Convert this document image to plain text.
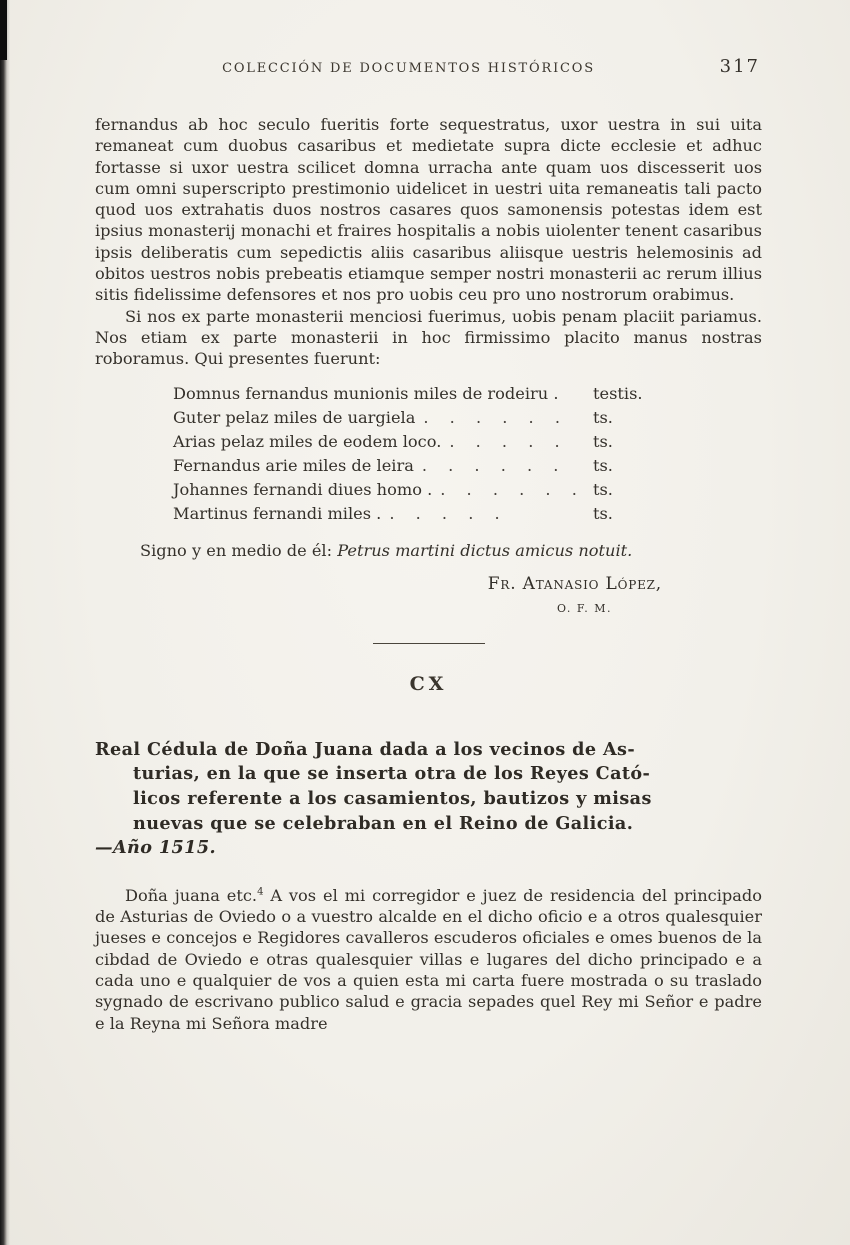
COLECCIÓN DE DOCUMENTOS HISTÓRICOS	317

fernandus ab hoc seculo fueritis forte sequestratus, uxor uestra in sui uita remaneat cum duobus casaribus et medietate supra dicte ecclesie et adhuc fortasse si uxor uestra scilicet domna urracha ante quam uos discesserit uos cum omni superscripto prestimonio uidelicet in uestri uita remaneatis tali pacto quod uos extrahatis duos nostros casares quos samonensis potestas idem est ipsius monasterij monachi et fraires hospitalis a nobis uiolenter tenent casaribus ipsis deliberatis cum sepedictis aliis casaribus aliisque uestris helemosinis ad obitos uestros nobis prebeatis etiamque semper nostri monasterii ac rerum illius sitis fidelissime defensores et nos pro uobis ceu pro uno nostrorum orabimus.

Si nos ex parte monasterii menciosi fuerimus, uobis penam placiit pariamus. Nos etiam ex parte monasterii in hoc firmissimo placito manus nostras roboramus. Qui presentes fuerunt:

Domnus fernandus munionis miles de rodeiru . testis.
Guter pelaz miles de uargiela . . . . . .	ts.
Arias pelaz miles de eodem loco. . . . . .	ts.
Fernandus arie miles de leira . . . . . .	ts.
Johannes fernandi diues homo . . . . . . . ts.
Martinus fernandi miles . . . . . .	ts.

Signo y en medio de él: Petrus martini dictus amicus notuit.

Fr. Atanasio López,
O. F. M.
CX
Real Cédula de Doña Juana dada a los vecinos de As-
turias, en la que se inserta otra de los Reyes Cató-
licos referente a los casamientos, bautizos y misas
nuevas que se celebraban en el Reino de Galicia.
—Año 1515.

Doña juana etc.$^4$ A vos el mi corregidor e juez de residencia del principado de Asturias de Oviedo o a vuestro alcalde en el dicho oficio e a otros qualesquier jueses e concejos e Regidores cavalleros escuderos oficiales e omes buenos de la cibdad de Oviedo e otras qualesquier villas e lugares del dicho principado e a cada uno e qualquier de vos a quien esta mi carta fuere mostrada o su traslado sygnado de escrivano publico salud e gracia sepades quel Rey mi Señor e padre e la Reyna mi Señora madre
